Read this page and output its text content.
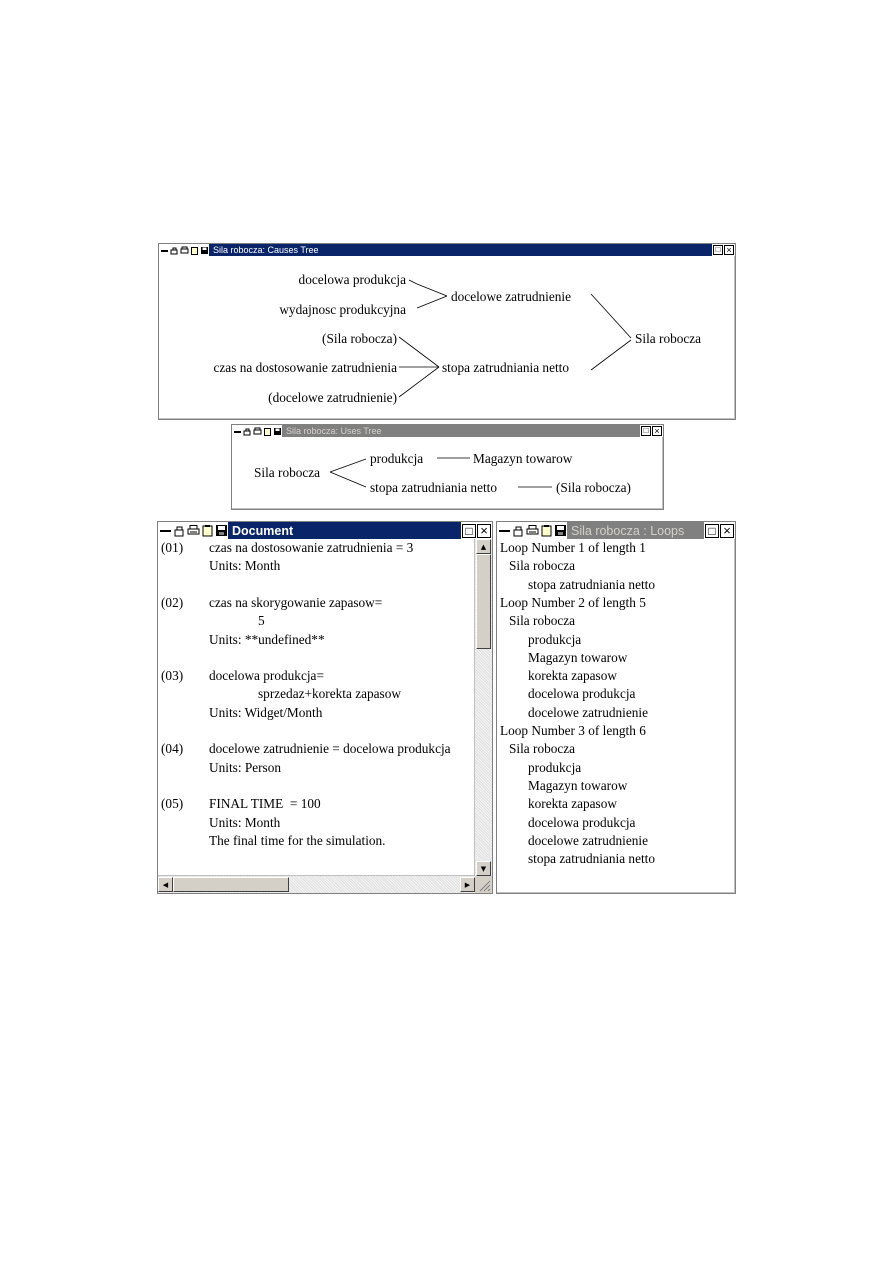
Sila robocza: Causes Tree	□ ×
docelowa produkcja
wydajnosc produkcyjna
docelowe zatrudnienie
(Sila robocza)
czas na dostosowanie zatrudnienia
(docelowe zatrudnienie)
stopa zatrudniania netto
Sila robocza
Sila robocza: Uses Tree	□ ×
Sila robocza
produkcja	Magazyn towarow
stopa zatrudniania netto	(Sila robocza)
Document	□ ×
(01) czas na dostosowanie zatrudnienia = 3
Units: Month
(02) czas na skorygowanie zapasow=
5
Units: **undefined**
(03) docelowa produkcja=
sprzedaz+korekta zapasow
Units: Widget/Month
(04) docelowe zatrudnienie = docelowa produkcja
Units: Person
(05) FINAL TIME  = 100
Units: Month
The final time for the simulation.
▲
▼
◀	▶
Sila robocza : Loops	□ ×
Loop Number 1 of length 1
Sila robocza
stopa zatrudniania netto
Loop Number 2 of length 5
Sila robocza
produkcja
Magazyn towarow
korekta zapasow
docelowa produkcja
docelowe zatrudnienie
Loop Number 3 of length 6
Sila robocza
produkcja
Magazyn towarow
korekta zapasow
docelowa produkcja
docelowe zatrudnienie
stopa zatrudniania netto
